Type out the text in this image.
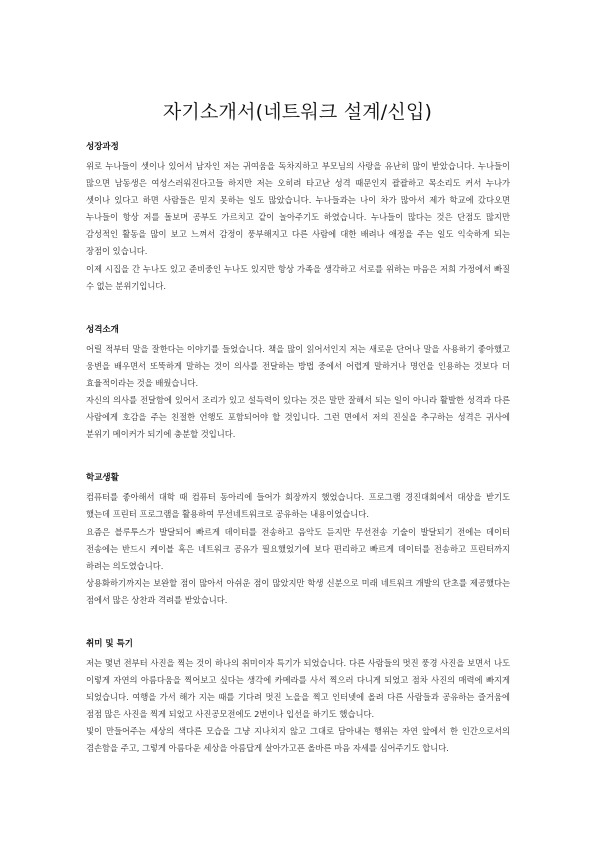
자기소개서(네트워크 설계/신입)
성장과정

위로 누나들이 셋이나 있어서 남자인 저는 귀여움을 독차지하고 부모님의 사랑을 유난히 많이 받았습니다. 누나들이 많으면 남동생은 여성스러워진다고들 하지만 저는 오히려 타고난 성격 때문인지 괄괄하고 목소리도 커서 누나가 셋이나 있다고 하면 사람들은 믿지 못하는 일도 많았습니다. 누나들과는 나이 차가 많아서 제가 학교에 갔다오면 누나들이 항상 저를 돌보며 공부도 가르치고 같이 놀아주기도 하였습니다. 누나들이 많다는 것은 단점도 많지만 감성적인 활동을 많이 보고 느껴서 감정이 풍부해지고 다른 사람에 대한 배려나 애정을 주는 일도 익숙하게 되는 장점이 있습니다.

이제 시집을 간 누나도 있고 준비중인 누나도 있지만 항상 가족을 생각하고 서로를 위하는 마음은 저희 가정에서 빠질 수 없는 분위기입니다.

성격소개

어릴 적부터 말을 잘한다는 이야기를 들었습니다. 책을 많이 읽어서인지 저는 새로운 단어나 말을 사용하기 좋아했고 웅변을 배우면서 또뚝하게 말하는 것이 의사를 전달하는 방법 중에서 어렵게 말하거나 명언을 인용하는 것보다 더 효율적이라는 것을 배웠습니다.

자신의 의사를 전달함에 있어서 조리가 있고 설득력이 있다는 것은 말만 잘해서 되는 일이 아니라 활발한 성격과 다른 사람에게 호감을 주는 친절한 언행도 포함되어야 할 것입니다. 그런 면에서 저의 진실을 추구하는 성격은 귀사에 분위기 메이커가 되기에 충분할 것입니다.

학교생활

컴퓨터를 좋아해서 대학 때 컴퓨터 동아리에 들어가 회장까지 했었습니다. 프로그램 경진대회에서 대상을 받기도 했는데 프린터 프로그램을 활용하여 무선네트워크로 공유하는 내용이었습니다.

요즘은 블루투스가 발달되어 빠르게 데이터를 전송하고 음악도 듣지만 무선전송 기술이 발달되기 전에는 데이터 전송에는 반드시 케이블 혹은 네트워크 공유가 필요했었기에 보다 편리하고 빠르게 데이터를 전송하고 프린터까지 하려는 의도였습니다.

상용화하기까지는 보완할 점이 많아서 아쉬운 점이 많았지만 학생 신분으로 미래 네트워크 개발의 단초를 제공했다는 점에서 많은 상찬과 격려를 받았습니다.

취미 및 특기

저는 몇년 전부터 사진을 찍는 것이 하나의 취미이자 특기가 되었습니다. 다른 사람들의 멋진 풍경 사진을 보면서 나도 이렇게 자연의 아름다움을 찍어보고 싶다는 생각에 카메라를 사서 찍으러 다니게 되었고 점차 사진의 매력에 빠지게 되었습니다. 여행을 가서 해가 지는 때를 기다려 멋진 노을을 찍고 인터넷에 올려 다른 사람들과 공유하는 즐거움에 점점 많은 사진을 찍게 되었고 사진공모전에도 2번이나 입선을 하기도 했습니다.

빛이 만들어주는 세상의 색다른 모습을 그냥 지나치지 않고 그대로 담아내는 행위는 자연 앞에서 한 인간으로서의 겸손함을 주고, 그렇게 아름다운 세상을 아름답게 살아가고픈 올바른 마음 자세를 심어주기도 합니다.
